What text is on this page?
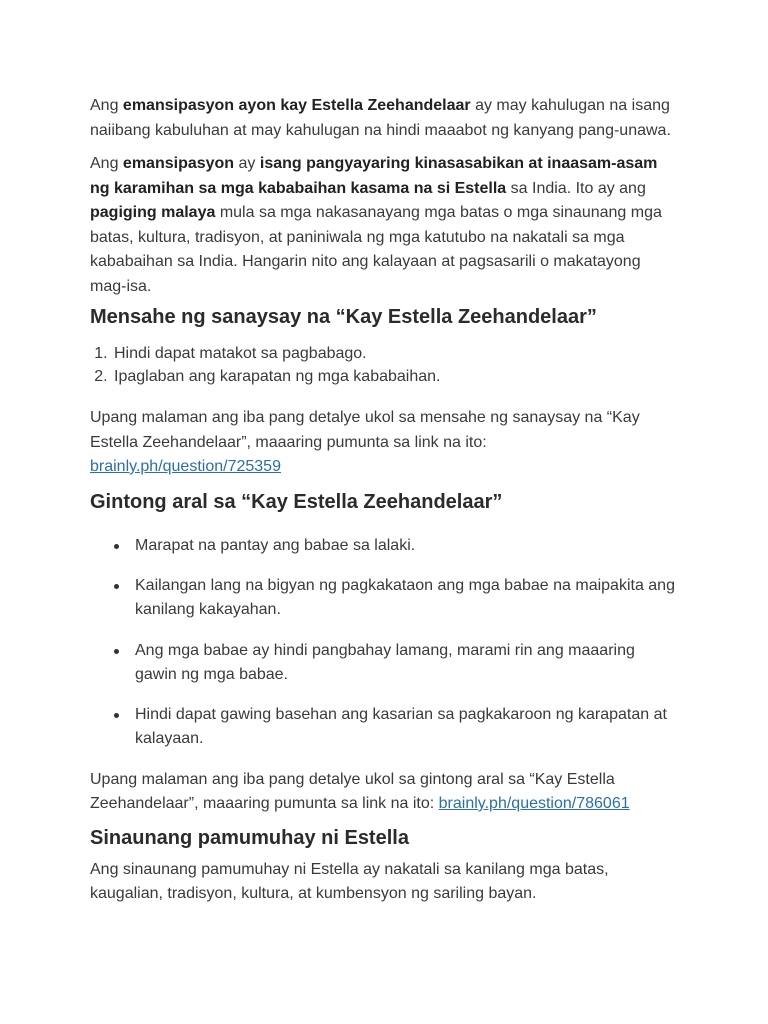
Ang emansipasyon ayon kay Estella Zeehandelaar ay may kahulugan na isang naiibang kabuluhan at may kahulugan na hindi maaabot ng kanyang pang-unawa.

Ang emansipasyon ay isang pangyayaring kinasasabikan at inaasam-asam ng karamihan sa mga kababaihan kasama na si Estella sa India. Ito ay ang pagiging malaya mula sa mga nakasanayang mga batas o mga sinaunang mga batas, kultura, tradisyon, at paniniwala ng mga katutubo na nakatali sa mga kababaihan sa India. Hangarin nito ang kalayaan at pagsasarili o makatayong mag-isa.

Mensahe ng sanaysay na “Kay Estella Zeehandelaar”
1. Hindi dapat matakot sa pagbabago.
2. Ipaglaban ang karapatan ng mga kababaihan.

Upang malaman ang iba pang detalye ukol sa mensahe ng sanaysay na “Kay Estella Zeehandelaar”, maaaring pumunta sa link na ito: brainly.ph/question/725359

Gintong aral sa “Kay Estella Zeehandelaar”
Marapat na pantay ang babae sa lalaki.
Kailangan lang na bigyan ng pagkakataon ang mga babae na maipakita ang kanilang kakayahan.
Ang mga babae ay hindi pangbahay lamang, marami rin ang maaaring gawin ng mga babae.
Hindi dapat gawing basehan ang kasarian sa pagkakaroon ng karapatan at kalayaan.

Upang malaman ang iba pang detalye ukol sa gintong aral sa “Kay Estella Zeehandelaar”, maaaring pumunta sa link na ito: brainly.ph/question/786061

Sinaunang pamumuhay ni Estella

Ang sinaunang pamumuhay ni Estella ay nakatali sa kanilang mga batas, kaugalian, tradisyon, kultura, at kumbensyon ng sariling bayan.
